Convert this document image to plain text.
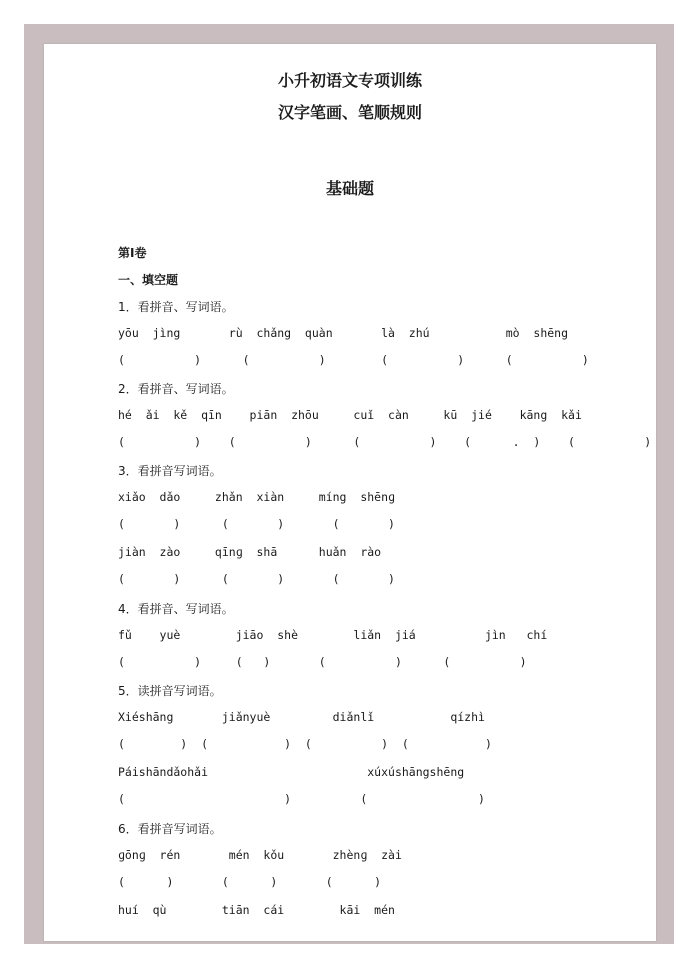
小升初语文专项训练
汉字笔画、笔顺规则
基础题
第Ⅰ卷
一、填空题
1．看拼音、写词语。
yōu  jìng       rù  chǎng  quàn       là  zhú           mò  shēng
(          )      (          )        (          )      (          )
2．看拼音、写词语。
hé  ǎi  kě  qīn    piān  zhōu     cuǐ  càn     kū  jié    kāng  kǎi
(          )    (          )      (          )    (      .  )    (          )
3．看拼音写词语。
xiǎo  dǎo     zhǎn  xiàn     míng  shēnɡ
(       )      (       )       (       )
jiàn  zào     qīnɡ  shā      huǎn  rào
(       )      (       )       (       )
4．看拼音、写词语。
fǔ    yuè        jiāo  shè        liǎn  jiá          jìn   chí
(          )     (   )       (          )      (          )
5．读拼音写词语。
Xiéshāng       jiǎnyuè         diǎnlǐ           qízhì
(        )  (           )  (          )  (           )
Páishāndǎohǎi                       xúxúshāngshēng
(                       )          (                )
6．看拼音写词语。
ɡōnɡ  rén       mén  kǒu       zhènɡ  zài
(      )       (      )       (      )
huí  qù        tiān  cái        kāi  mén
